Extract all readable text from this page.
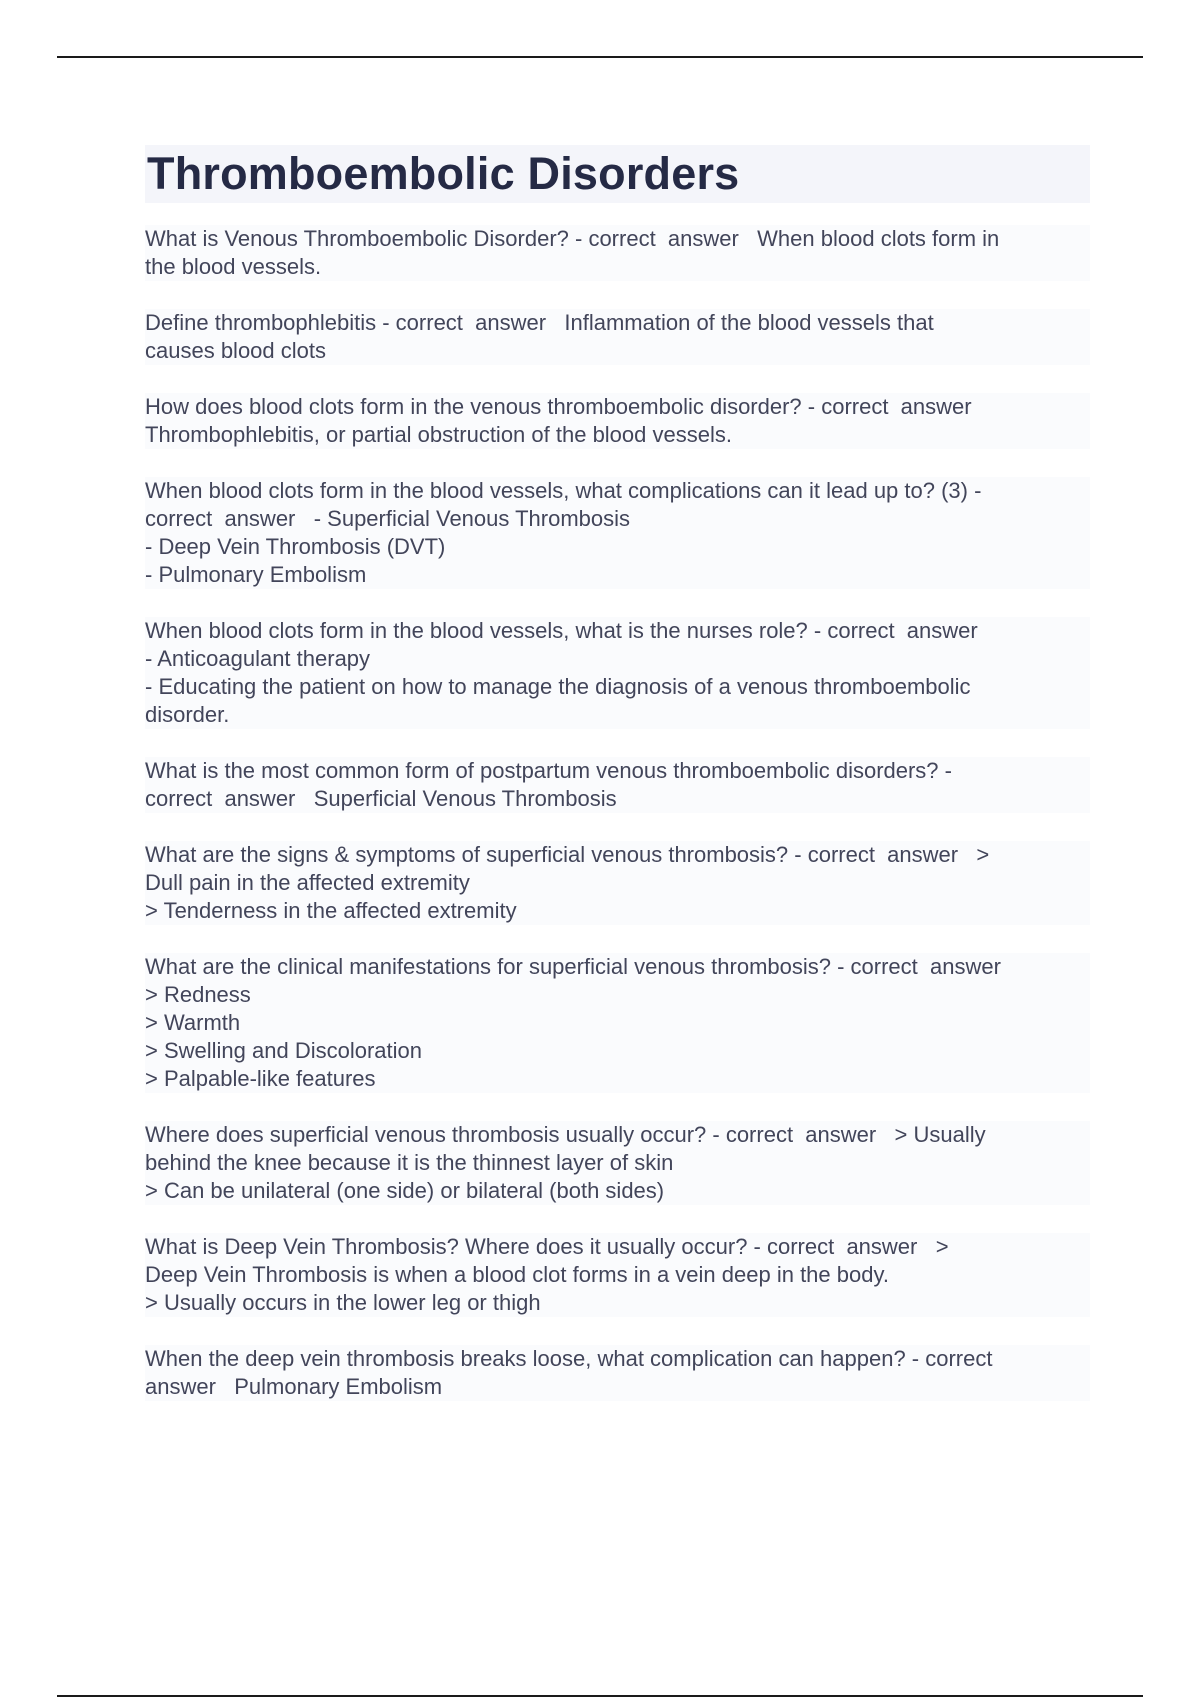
Thromboembolic Disorders
What is Venous Thromboembolic Disorder? - correct  answer   When blood clots form in
the blood vessels.
Define thrombophlebitis - correct  answer   Inflammation of the blood vessels that
causes blood clots
How does blood clots form in the venous thromboembolic disorder? - correct  answer
Thrombophlebitis, or partial obstruction of the blood vessels.
When blood clots form in the blood vessels, what complications can it lead up to? (3) -
correct  answer   - Superficial Venous Thrombosis
- Deep Vein Thrombosis (DVT)
- Pulmonary Embolism
When blood clots form in the blood vessels, what is the nurses role? - correct  answer
- Anticoagulant therapy
- Educating the patient on how to manage the diagnosis of a venous thromboembolic
disorder.
What is the most common form of postpartum venous thromboembolic disorders? -
correct  answer   Superficial Venous Thrombosis
What are the signs & symptoms of superficial venous thrombosis? - correct  answer   >
Dull pain in the affected extremity
> Tenderness in the affected extremity
What are the clinical manifestations for superficial venous thrombosis? - correct  answer
> Redness
> Warmth
> Swelling and Discoloration
> Palpable-like features
Where does superficial venous thrombosis usually occur? - correct  answer   > Usually
behind the knee because it is the thinnest layer of skin
> Can be unilateral (one side) or bilateral (both sides)
What is Deep Vein Thrombosis? Where does it usually occur? - correct  answer   >
Deep Vein Thrombosis is when a blood clot forms in a vein deep in the body.
> Usually occurs in the lower leg or thigh
When the deep vein thrombosis breaks loose, what complication can happen? - correct
answer   Pulmonary Embolism
